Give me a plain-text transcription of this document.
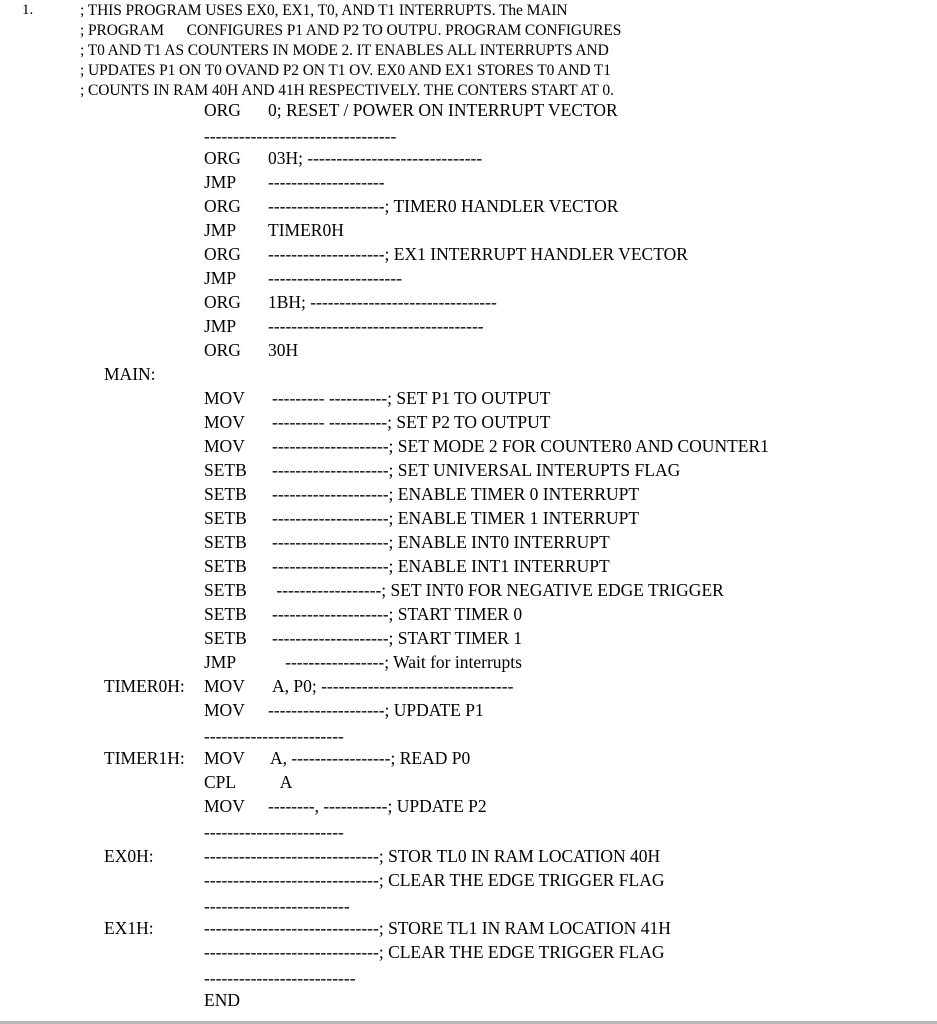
1.	; THIS PROGRAM USES EX0, EX1, T0, AND T1 INTERRUPTS. The MAIN
; PROGRAM      CONFIGURES P1 AND P2 TO OUTPU. PROGRAM CONFIGURES
; T0 AND T1 AS COUNTERS IN MODE 2. IT ENABLES ALL INTERRUPTS AND
; UPDATES P1 ON T0 OVAND P2 ON T1 OV. EX0 AND EX1 STORES T0 AND T1
; COUNTS IN RAM 40H AND 41H RESPECTIVELY. THE CONTERS START AT 0.
ORG 0; RESET / POWER ON INTERRUPT VECTOR
---------------------------------
ORG 03H; ------------------------------
JMP --------------------
ORG --------------------; TIMER0 HANDLER VECTOR
JMP TIMER0H
ORG --------------------; EX1 INTERRUPT HANDLER VECTOR
JMP -----------------------
ORG 1BH; --------------------------------
JMP -------------------------------------
ORG 30H
MAIN:
MOV --------- ----------; SET P1 TO OUTPUT
MOV --------- ----------; SET P2 TO OUTPUT
MOV --------------------; SET MODE 2 FOR COUNTER0 AND COUNTER1
SETB --------------------; SET UNIVERSAL INTERUPTS FLAG
SETB --------------------; ENABLE TIMER 0 INTERRUPT
SETB --------------------; ENABLE TIMER 1 INTERRUPT
SETB --------------------; ENABLE INT0 INTERRUPT
SETB --------------------; ENABLE INT1 INTERRUPT
SETB ------------------; SET INT0 FOR NEGATIVE EDGE TRIGGER
SETB --------------------; START TIMER 0
SETB --------------------; START TIMER 1
JMP -----------------; Wait for interrupts
TIMER0H: MOV A, P0; ---------------------------------
MOV --------------------; UPDATE P1
------------------------
TIMER1H: MOV A, -----------------; READ P0
CPL A
MOV --------, -----------; UPDATE P2
------------------------
EX0H:	------------------------------; STOR TL0 IN RAM LOCATION 40H
------------------------------; CLEAR THE EDGE TRIGGER FLAG
-------------------------
EX1H:	------------------------------; STORE TL1 IN RAM LOCATION 41H
------------------------------; CLEAR THE EDGE TRIGGER FLAG
--------------------------
END
